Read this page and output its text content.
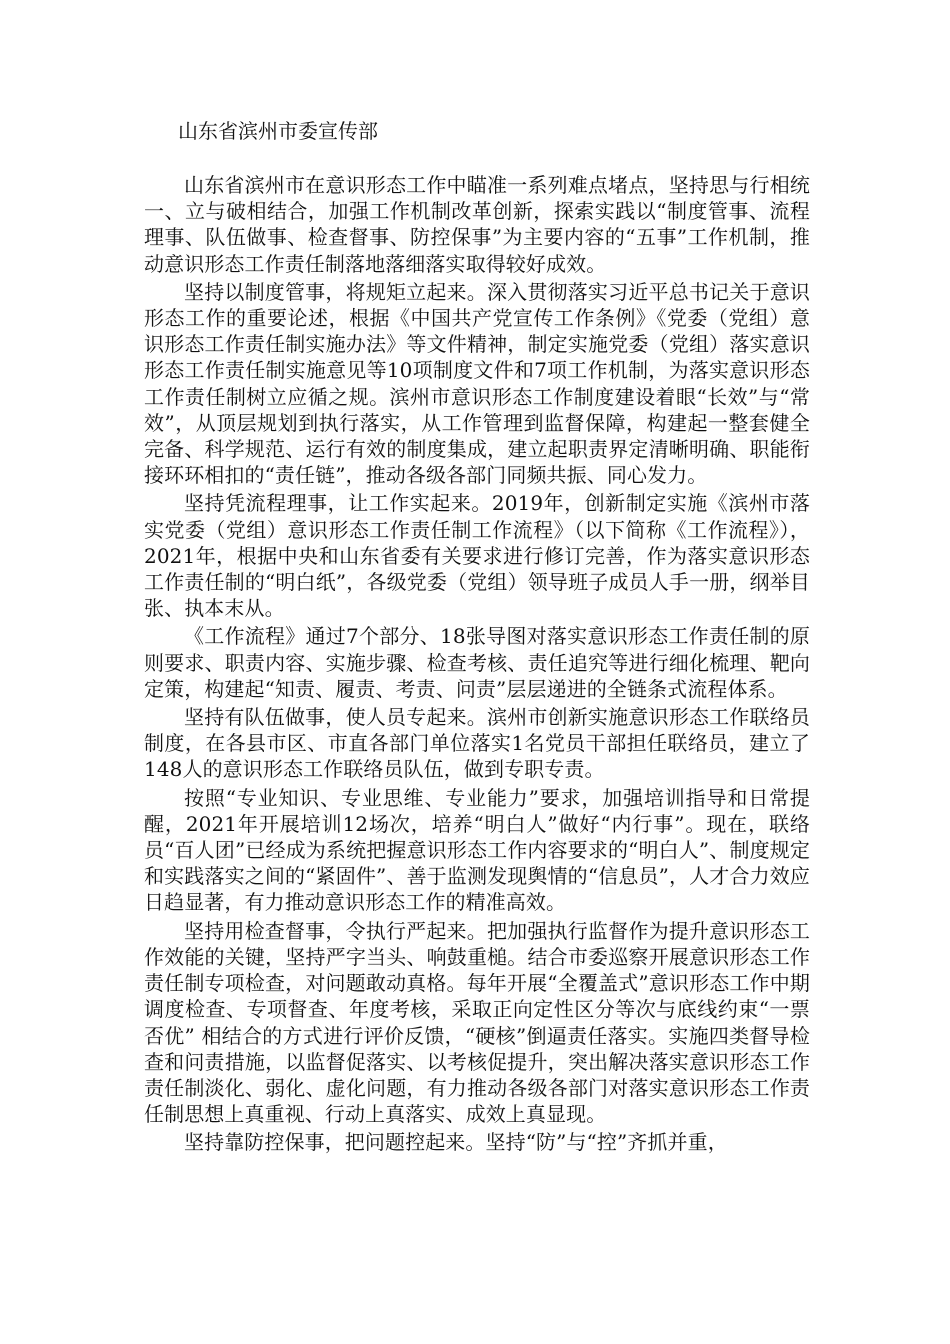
山东省滨州市委宣传部

山东省滨州市在意识形态工作中瞄准一系列难点堵点，坚持思与行相统一、立与破相结合，加强工作机制改革创新，探索实践以“制度管事、流程理事、队伍做事、检查督事、防控保事”为主要内容的“五事”工作机制，推动意识形态工作责任制落地落细落实取得较好成效。

坚持以制度管事，将规矩立起来。深入贯彻落实习近平总书记关于意识形态工作的重要论述，根据《中国共产党宣传工作条例》《党委（党组）意识形态工作责任制实施办法》等文件精神，制定实施党委（党组）落实意识形态工作责任制实施意见等10项制度文件和7项工作机制，为落实意识形态工作责任制树立应循之规。滨州市意识形态工作制度建设着眼“长效”与“常效”，从顶层规划到执行落实，从工作管理到监督保障，构建起一整套健全完备、科学规范、运行有效的制度集成，建立起职责界定清晰明确、职能衔接环环相扣的“责任链”，推动各级各部门同频共振、同心发力。

坚持凭流程理事，让工作实起来。2019年，创新制定实施《滨州市落实党委（党组）意识形态工作责任制工作流程》（以下简称《工作流程》），2021年，根据中央和山东省委有关要求进行修订完善，作为落实意识形态工作责任制的“明白纸”，各级党委（党组）领导班子成员人手一册，纲举目张、执本末从。

《工作流程》通过7个部分、18张导图对落实意识形态工作责任制的原则要求、职责内容、实施步骤、检查考核、责任追究等进行细化梳理、靶向定策，构建起“知责、履责、考责、问责”层层递进的全链条式流程体系。

坚持有队伍做事，使人员专起来。滨州市创新实施意识形态工作联络员制度，在各县市区、市直各部门单位落实1名党员干部担任联络员，建立了148人的意识形态工作联络员队伍，做到专职专责。

按照“专业知识、专业思维、专业能力”要求，加强培训指导和日常提醒，2021年开展培训12场次，培养“明白人”做好“内行事”。现在，联络员“百人团”已经成为系统把握意识形态工作内容要求的“明白人”、制度规定和实践落实之间的“紧固件”、善于监测发现舆情的“信息员”，人才合力效应日趋显著，有力推动意识形态工作的精准高效。

坚持用检查督事，令执行严起来。把加强执行监督作为提升意识形态工作效能的关键，坚持严字当头、响鼓重槌。结合市委巡察开展意识形态工作责任制专项检查，对问题敢动真格。每年开展“全覆盖式”意识形态工作中期调度检查、专项督查、年度考核，采取正向定性区分等次与底线约束“一票否优” 相结合的方式进行评价反馈，“硬核”倒逼责任落实。实施四类督导检查和问责措施，以监督促落实、以考核促提升，突出解决落实意识形态工作责任制淡化、弱化、虚化问题，有力推动各级各部门对落实意识形态工作责任制思想上真重视、行动上真落实、成效上真显现。

坚持靠防控保事，把问题控起来。坚持“防”与“控”齐抓并重，
